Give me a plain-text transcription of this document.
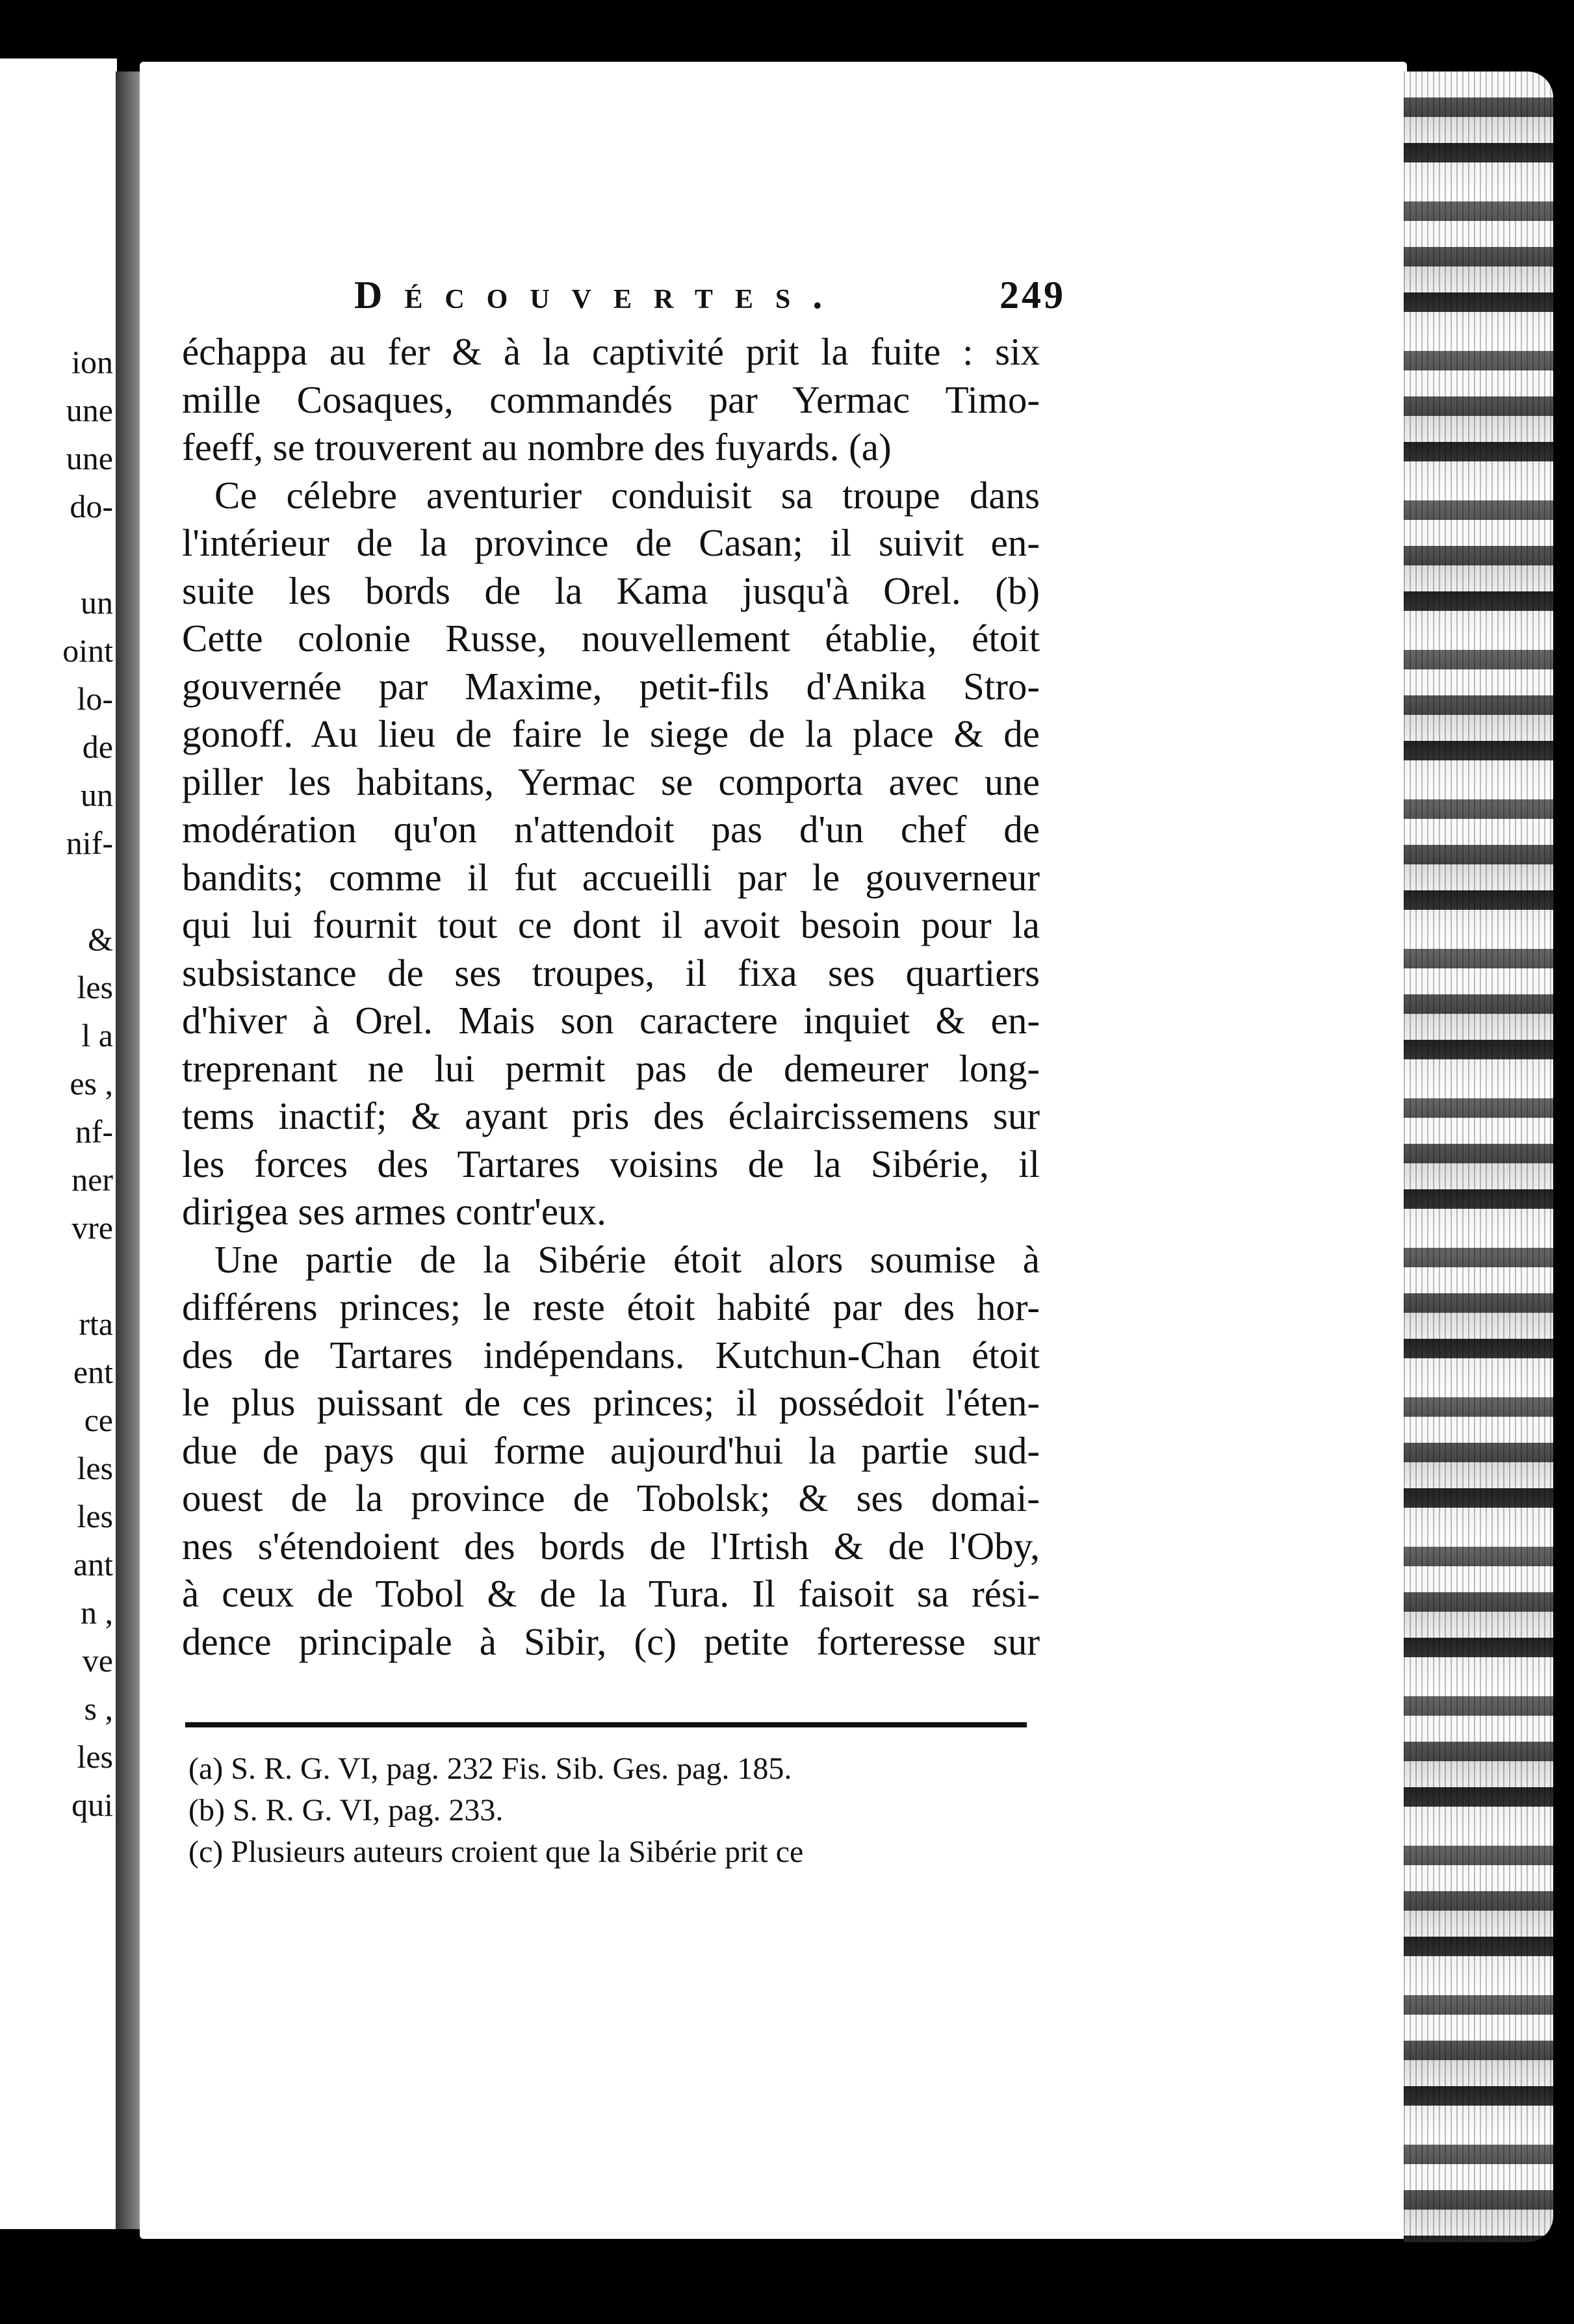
ion
une
une
do-
un
oint
lo-
de
un
nif-
&
les
l a
es ,
nf-
ner
vre
rta
ent
ce
les
les
ant
n ,
ve
s ,
les
qui
Découvertes.	249
échappa au fer & à la captivité prit la fuite : six
mille Cosaques, commandés par Yermac Timo-
feeff, se trouverent au nombre des fuyards. (a)
Ce célebre aventurier conduisit sa troupe dans
l'intérieur de la province de Casan; il suivit en-
suite les bords de la Kama jusqu'à Orel. (b)
Cette colonie Russe, nouvellement établie, étoit
gouvernée par Maxime, petit-fils d'Anika Stro-
gonoff. Au lieu de faire le siege de la place & de
piller les habitans, Yermac se comporta avec une
modération qu'on n'attendoit pas d'un chef de
bandits; comme il fut accueilli par le gouverneur
qui lui fournit tout ce dont il avoit besoin pour la
subsistance de ses troupes, il fixa ses quartiers
d'hiver à Orel. Mais son caractere inquiet & en-
treprenant ne lui permit pas de demeurer long-
tems inactif; & ayant pris des éclaircissemens sur
les forces des Tartares voisins de la Sibérie, il
dirigea ses armes contr'eux.
Une partie de la Sibérie étoit alors soumise à
différens princes; le reste étoit habité par des hor-
des de Tartares indépendans. Kutchun-Chan étoit
le plus puissant de ces princes; il possédoit l'éten-
due de pays qui forme aujourd'hui la partie sud-
ouest de la province de Tobolsk; & ses domai-
nes s'étendoient des bords de l'Irtish & de l'Oby,
à ceux de Tobol & de la Tura. Il faisoit sa rési-
dence principale à Sibir, (c) petite forteresse sur
(a) S. R. G. VI, pag. 232 Fis. Sib. Ges. pag. 185.
(b) S. R. G. VI, pag. 233.
(c) Plusieurs auteurs croient que la Sibérie prit ce
